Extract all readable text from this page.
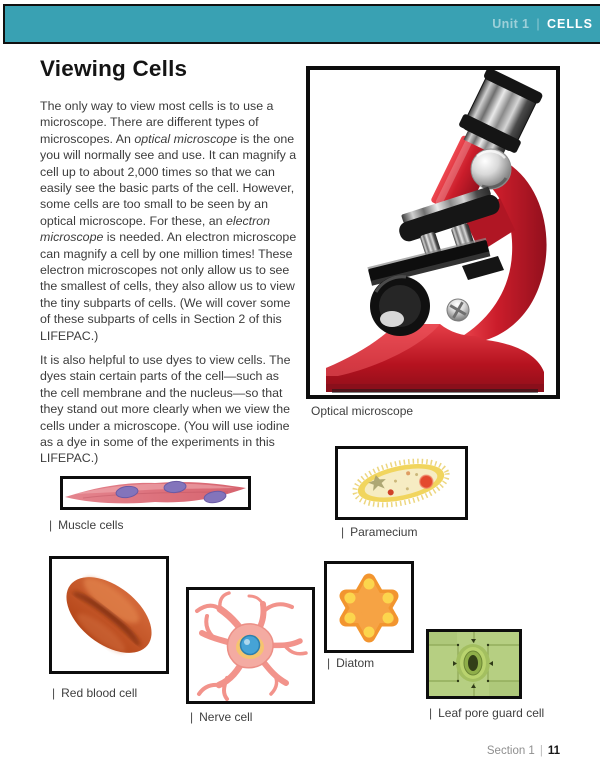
Unit 1 | CELLS
Viewing Cells

The only way to view most cells is to use a microscope. There are different types of microscopes. An optical microscope is the one you will normally see and use. It can magnify a cell up to about 2,000 times so that we can easily see the basic parts of the cell. However, some cells are too small to be seen by an optical microscope. For these, an electron microscope is needed. An electron microscope can magnify a cell by one million times! These electron microscopes not only allow us to see the smallest of cells, they also allow us to view the tiny subparts of cells. (We will cover some of these subparts of cells in Section 2 of this LIFEPAC.)

It is also helpful to use dyes to view cells. The dyes stain certain parts of the cell—such as the cell membrane and the nucleus—so that they stand out more clearly when we view the cells under a microscope. (You will use iodine as a dye in some of the experiments in this LIFEPAC.)

Optical microscope
| Muscle cells	| Paramecium
| Red blood cell
| Nerve cell
| Diatom
| Leaf pore guard cell
Section 1 | 11
